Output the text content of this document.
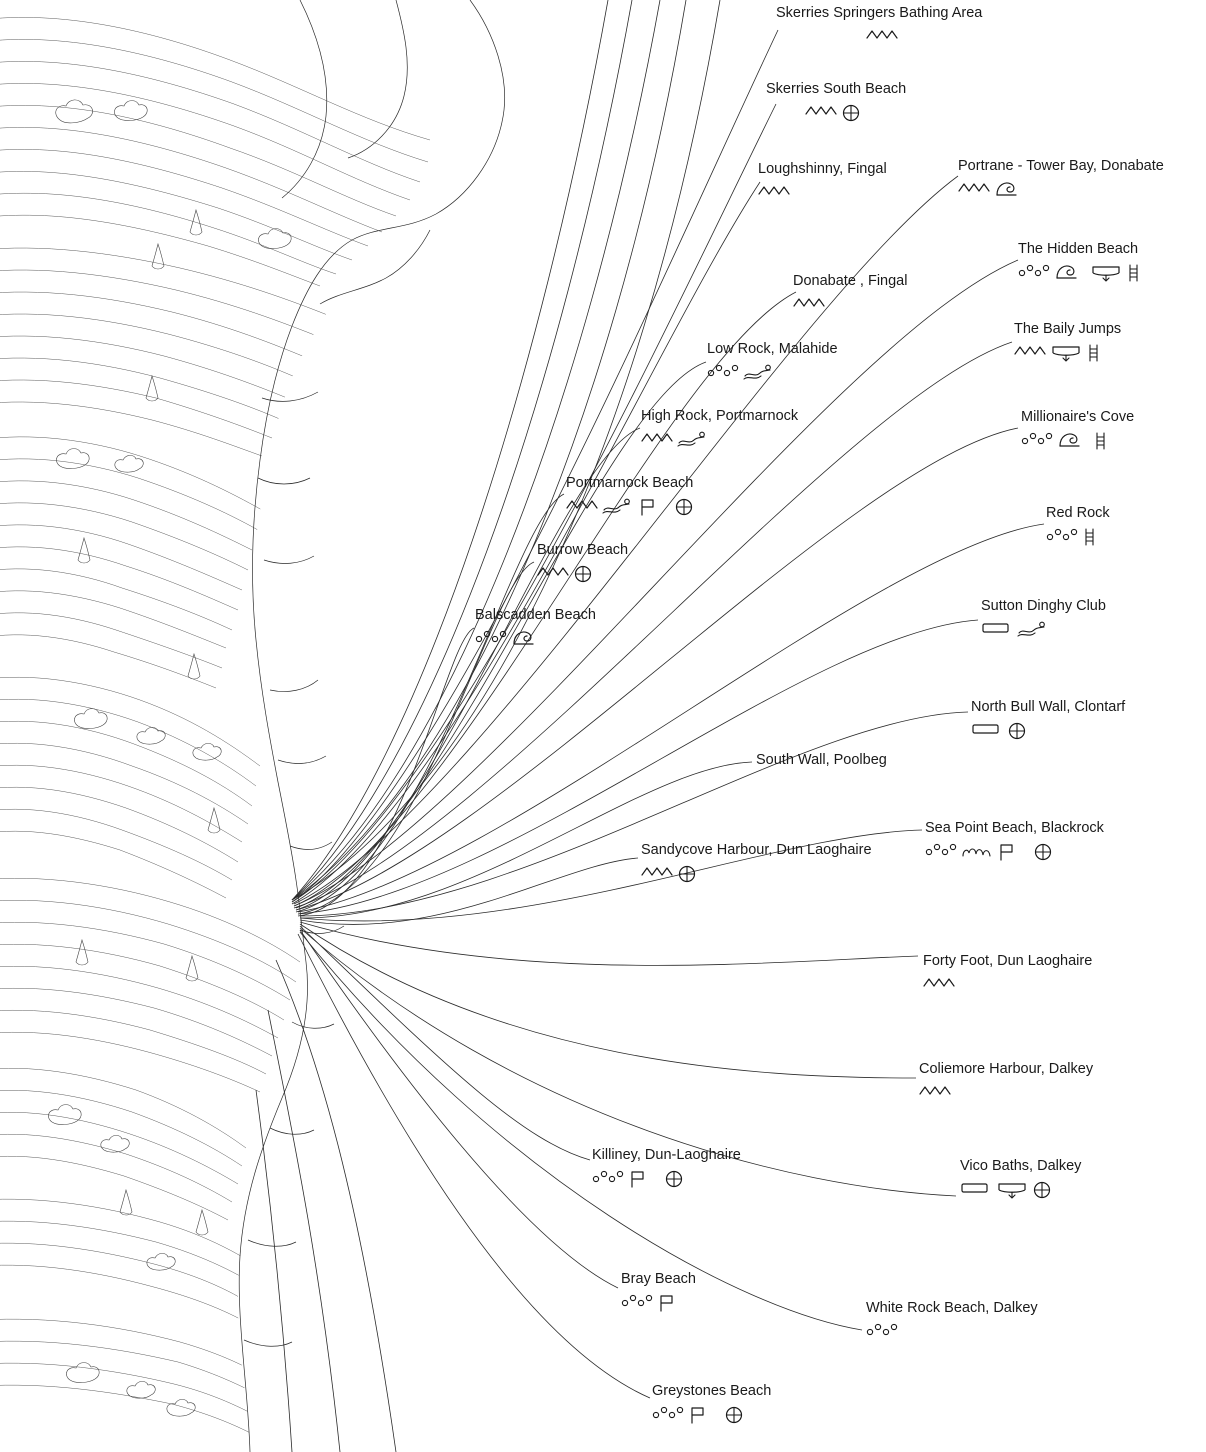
Skerries Springers Bathing Area
Skerries South Beach
Loughshinny, Fingal	Portrane - Tower Bay, Donabate
The Hidden Beach
Donabate , Fingal
The Baily Jumps
Low Rock, Malahide
High Rock, Portmarnock	Millionaire's Cove
Portmarnock Beach
Red Rock
Burrow Beach
Sutton Dinghy Club
Balscadden Beach
North Bull Wall, Clontarf
South Wall, Poolbeg
Sea Point Beach, Blackrock
Sandycove Harbour, Dun Laoghaire
Forty Foot, Dun Laoghaire
Coliemore Harbour, Dalkey
Killiney, Dun-Laoghaire
Vico Baths, Dalkey
Bray Beach
White Rock Beach, Dalkey
Greystones Beach
